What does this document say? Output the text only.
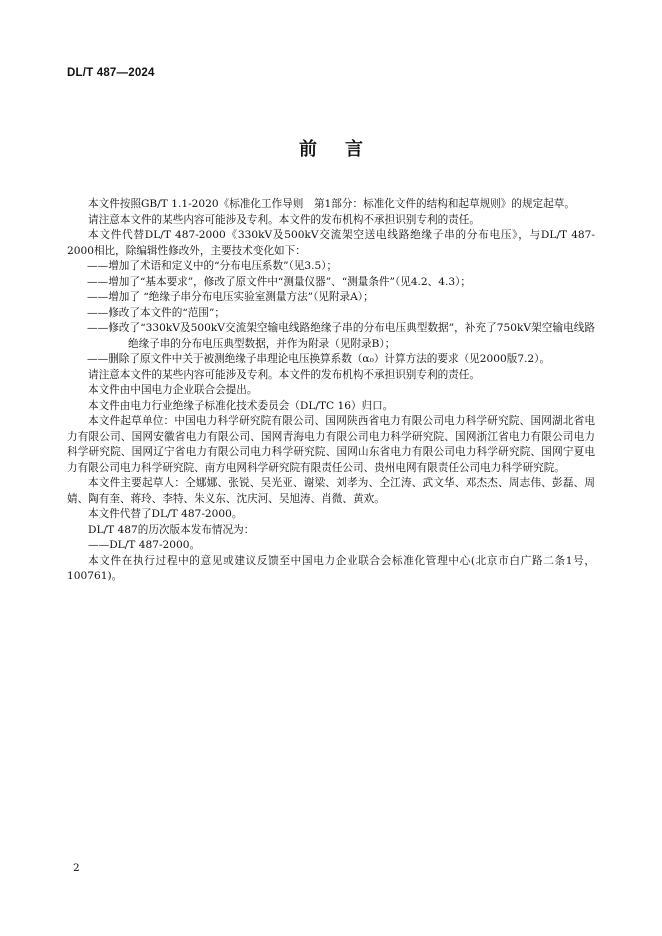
DL/T 487—2024
前言

本文件按照GB/T 1.1-2020《标准化工作导则　第1部分：标准化文件的结构和起草规则》的规定起草。

请注意本文件的某些内容可能涉及专利。本文件的发布机构不承担识别专利的责任。

本文件代替DL/T 487-2000《330kV及500kV交流架空送电线路绝缘子串的分布电压》，与DL/T 487-2000相比，除编辑性修改外，主要技术变化如下：

——增加了术语和定义中的“分布电压系数”（见3.5）；

——增加了“基本要求”，修改了原文件中“测量仪器”、“测量条件”（见4.2、4.3）；

——增加了 “绝缘子串分布电压实验室测量方法”（见附录A）；

——修改了本文件的“范围”；

——修改了“330kV及500kV交流架空输电线路绝缘子串的分布电压典型数据”，补充了750kV架空输电线路绝缘子串的分布电压典型数据，并作为附录（见附录B）；

——删除了原文件中关于被测绝缘子串理论电压换算系数（α₀）计算方法的要求（见2000版7.2）。

请注意本文件的某些内容可能涉及专利。本文件的发布机构不承担识别专利的责任。

本文件由中国电力企业联合会提出。

本文件由电力行业绝缘子标准化技术委员会（DL/TC 16）归口。

本文件起草单位：中国电力科学研究院有限公司、国网陕西省电力有限公司电力科学研究院、国网湖北省电力有限公司、国网安徽省电力有限公司、国网青海电力有限公司电力科学研究院、国网浙江省电力有限公司电力科学研究院、国网辽宁省电力有限公司电力科学研究院、国网山东省电力有限公司电力科学研究院、国网宁夏电力有限公司电力科学研究院、南方电网科学研究院有限责任公司、贵州电网有限责任公司电力科学研究院。

本文件主要起草人：仝娜娜、张锐、吴光亚、谢梁、刘孝为、仝江涛、武文华、邓杰杰、周志伟、彭磊、周婧、陶有奎、蒋玲、李特、朱义东、沈庆河、吴旭涛、肖微、黄欢。

本文件代替了DL/T 487-2000。

DL/T 487的历次版本发布情况为：

——DL/T 487-2000。

本文件在执行过程中的意见或建议反馈至中国电力企业联合会标准化管理中心(北京市白广路二条1号，100761)。

2
